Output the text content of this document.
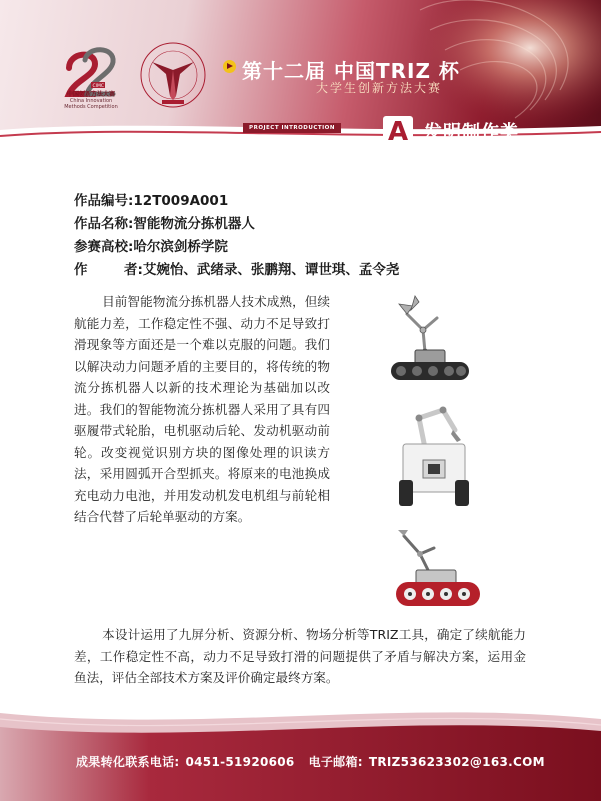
CIMC
中国创新方法大赛
China Innovation
Methods Competition
第十二届 中国TRIZ 杯
大学生创新方法大赛
PROJECT INTRODUCTION A 发明制作类
作品编号:12T009A001
作品名称:智能物流分拣机器人
参赛高校:哈尔滨剑桥学院
作	者:艾婉怡、武绪录、张鹏翔、谭世琪、孟令尧
目前智能物流分拣机器人技术成熟，但续航能力差，工作稳定性不强、动力不足导致打滑现象等方面还是一个难以克服的问题。我们以解决动力问题矛盾的主要目的，将传统的物流分拣机器人以新的技术理论为基础加以改进。我们的智能物流分拣机器人采用了具有四驱履带式轮胎，电机驱动后轮、发动机驱动前轮。改变视觉识别方块的图像处理的识读方法，采用圆弧开合型抓夹。将原来的电池换成充电动力电池，并用发动机发电机组与前轮相结合代替了后轮单驱动的方案。
本设计运用了九屏分析、资源分析、物场分析等TRIZ工具，确定了续航能力差，工作稳定性不高，动力不足导致打滑的问题提供了矛盾与解决方案，运用金鱼法，评估全部技术方案及评价确定最终方案。
成果转化联系电话: 0451-51920606 电子邮箱: TRIZ53623302@163.COM
